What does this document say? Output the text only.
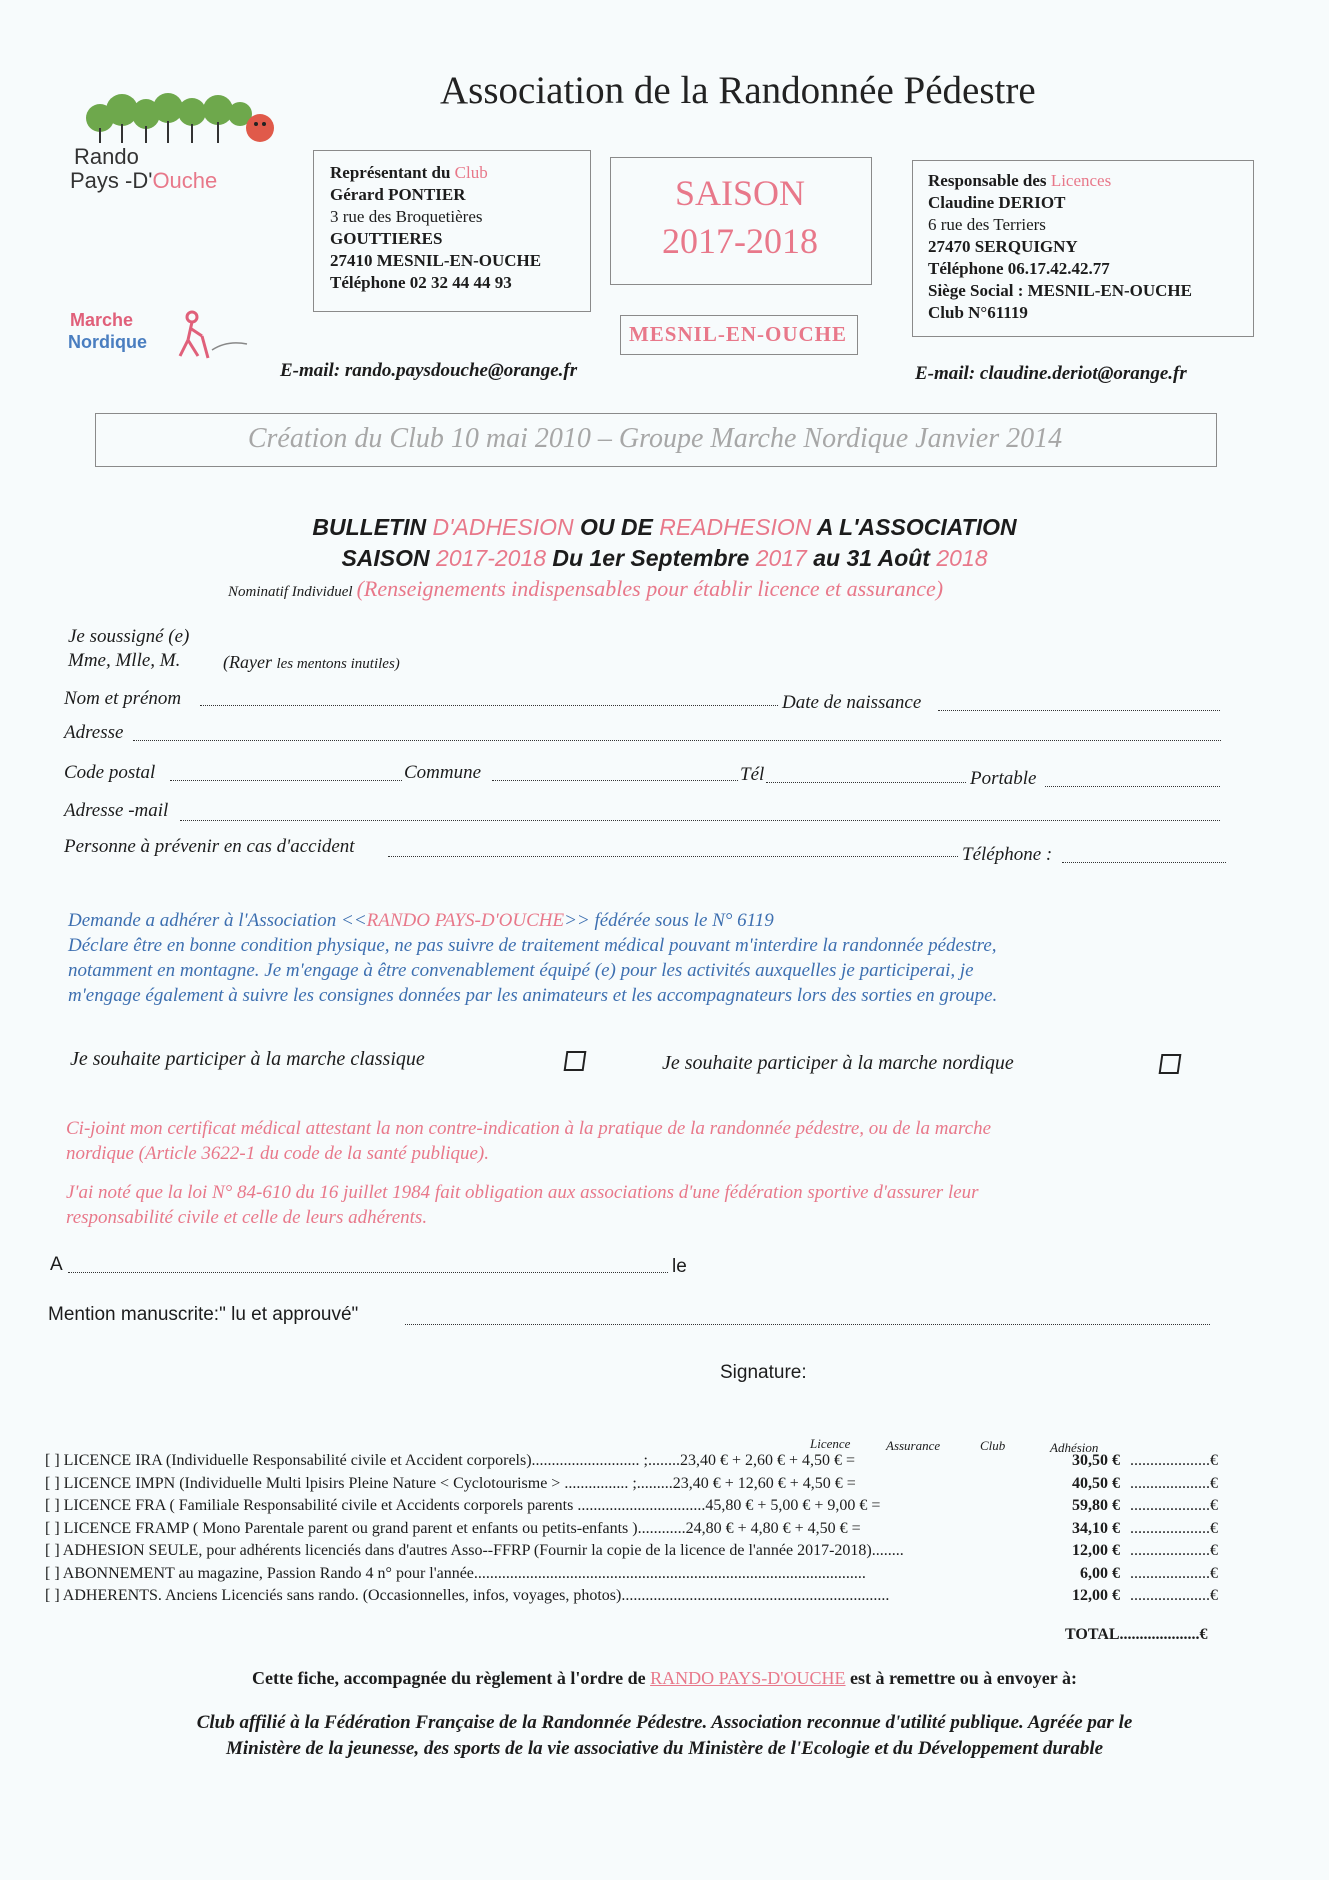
Rando
Pays -D'Ouche
Association de la Randonnée Pédestre
Marche
Nordique
Représentant du Club
Gérard PONTIER
3 rue des Broquetières
GOUTTIERES
27410 MESNIL-EN-OUCHE
Téléphone 02 32 44 44 93
E-mail: rando.paysdouche@orange.fr
SAISON
2017-2018
MESNIL-EN-OUCHE
Responsable des Licences
Claudine DERIOT
6 rue des Terriers
27470 SERQUIGNY
Téléphone 06.17.42.42.77
Siège Social : MESNIL-EN-OUCHE
Club N°61119
E-mail: claudine.deriot@orange.fr
Création du Club 10 mai 2010 – Groupe Marche Nordique Janvier 2014
BULLETIN D'ADHESION OU DE READHESION A L'ASSOCIATION
SAISON 2017-2018 Du 1er Septembre 2017 au 31 Août 2018
Nominatif Individuel (Renseignements indispensables pour établir licence et assurance)
Je soussigné (e)
Mme, Mlle, M. (Rayer les mentons inutiles)
Nom et prénom	Date de naissance
Adresse
Code postal	Commune	Tél	Portable
Adresse -mail
Personne à prévenir en cas d'accident	Téléphone :
Demande a adhérer à l'Association <<RANDO PAYS-D'OUCHE>> fédérée sous le N° 6119
Déclare être en bonne condition physique, ne pas suivre de traitement médical pouvant m'interdire la randonnée pédestre,
notamment en montagne. Je m'engage à être convenablement équipé (e) pour les activités auxquelles je participerai, je
m'engage également à suivre les consignes données par les animateurs et les accompagnateurs lors des sorties en groupe.
Je souhaite participer à la marche classique	Je souhaite participer à la marche nordique
Ci-joint mon certificat médical attestant la non contre-indication à la pratique de la randonnée pédestre, ou de la marche
nordique (Article 3622-1 du code de la santé publique).
J'ai noté que la loi N° 84-610 du 16 juillet 1984 fait obligation aux associations d'une fédération sportive d'assurer leur
responsabilité civile et celle de leurs adhérents.
A	le
Mention manuscrite:" lu et approuvé"
Signature:
Licence	Assurance	Club	Adhésion
[ ] LICENCE IRA (Individuelle Responsabilité civile et Accident corporels)........................... ;........23,40 € + 2,60 € + 4,50 € =	30,50 € ....................€
[ ] LICENCE IMPN (Individuelle Multi lpisirs Pleine Nature < Cyclotourisme > ................ ;.........23,40 € + 12,60 € + 4,50 € =	40,50 € ....................€
[ ] LICENCE FRA ( Familiale Responsabilité civile et Accidents corporels parents ................................45,80 € + 5,00 € + 9,00 € =	59,80 € ....................€
[ ] LICENCE FRAMP ( Mono Parentale parent ou grand parent et enfants ou petits-enfants )............24,80 € + 4,80 € + 4,50 € =	34,10 € ....................€
[ ] ADHESION SEULE, pour adhérents licenciés dans d'autres Asso--FFRP (Fournir la copie de la licence de l'année 2017-2018)........	12,00 € ....................€
[ ] ABONNEMENT au magazine, Passion Rando 4 n° pour l'année..................................................................................................	6,00 € ....................€
[ ] ADHERENTS. Anciens Licenciés sans rando. (Occasionnelles, infos, voyages, photos)...................................................................	12,00 € ....................€
TOTAL....................€
Cette fiche, accompagnée du règlement à l'ordre de RANDO PAYS-D'OUCHE est à remettre ou à envoyer à:
Club affilié à la Fédération Française de la Randonnée Pédestre. Association reconnue d'utilité publique. Agréée par le
Ministère de la jeunesse, des sports de la vie associative du Ministère de l'Ecologie et du Développement durable
